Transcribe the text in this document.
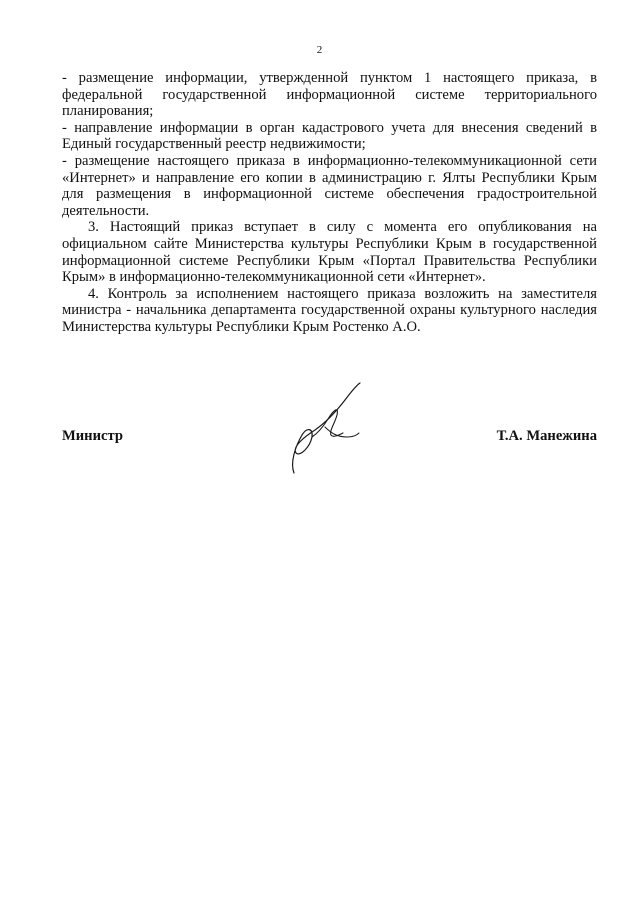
2

- размещение информации, утвержденной пунктом 1 настоящего приказа, в федеральной государственной информационной системе территориального планирования;

- направление информации в орган кадастрового учета для внесения сведений в Единый государственный реестр недвижимости;

- размещение настоящего приказа в информационно-телекоммуникационной сети «Интернет» и направление его копии в администрацию г. Ялты Республики Крым для размещения в информационной системе обеспечения градостроительной деятельности.

3. Настоящий приказ вступает в силу с момента его опубликования на официальном сайте Министерства культуры Республики Крым в государственной информационной системе Республики Крым «Портал Правительства Республики Крым» в информационно-телекоммуникационной сети «Интернет».

4. Контроль за исполнением настоящего приказа возложить на заместителя министра - начальника департамента государственной охраны культурного наследия Министерства культуры Республики Крым Ростенко А.О.

Министр	Т.А. Манежина
